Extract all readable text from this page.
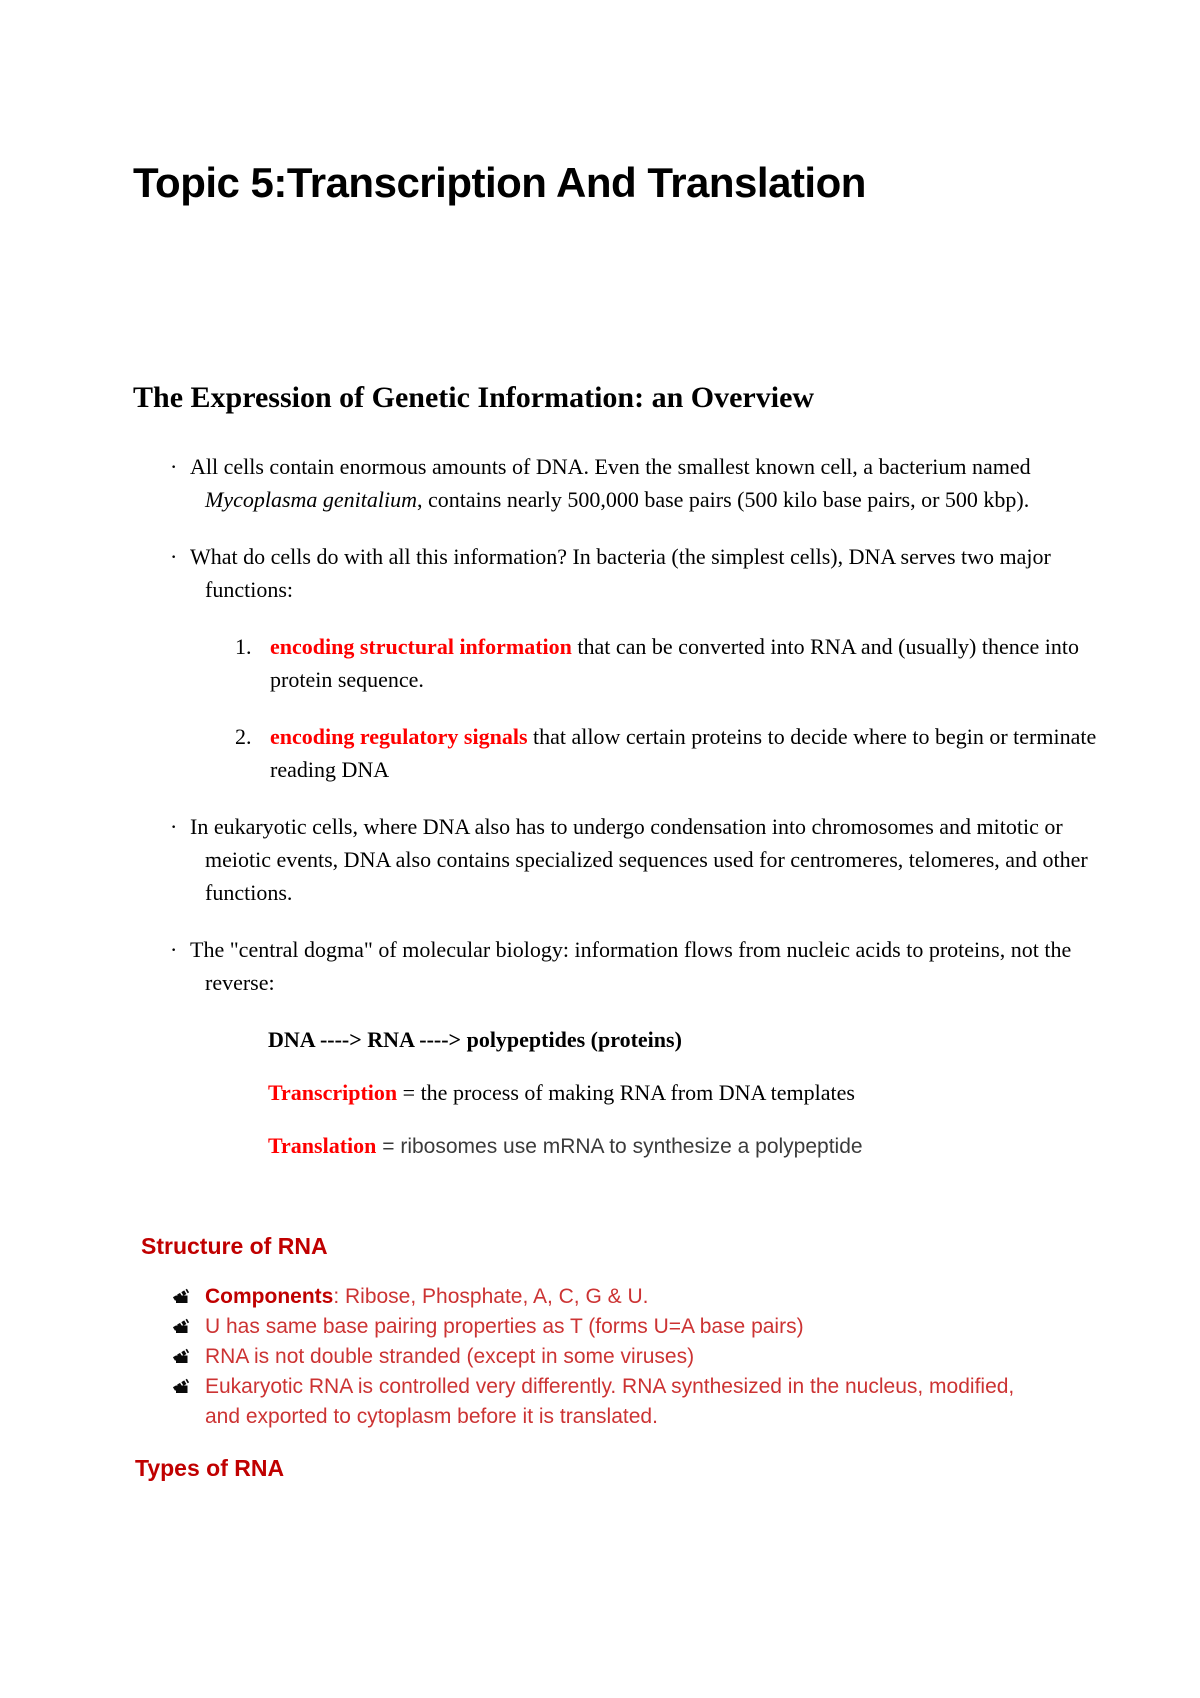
Topic 5:Transcription And Translation
The Expression of Genetic Information: an Overview

· All cells contain enormous amounts of DNA. Even the smallest known cell, a bacterium named Mycoplasma genitalium, contains nearly 500,000 base pairs (500 kilo base pairs, or 500 kbp).

· What do cells do with all this information? In bacteria (the simplest cells), DNA serves two major functions:

1. encoding structural information that can be converted into RNA and (usually) thence into protein sequence.

2. encoding regulatory signals that allow certain proteins to decide where to begin or terminate reading DNA

· In eukaryotic cells, where DNA also has to undergo condensation into chromosomes and mitotic or meiotic events, DNA also contains specialized sequences used for centromeres, telomeres, and other functions.

· The "central dogma" of molecular biology: information flows from nucleic acids to proteins, not the reverse:

DNA ----> RNA ----> polypeptides (proteins)

Transcription = the process of making RNA from DNA templates

Translation = ribosomes use mRNA to synthesize a polypeptide

Structure of RNA
Components: Ribose, Phosphate, A, C, G & U.
U has same base pairing properties as T (forms U=A base pairs)
RNA is not double stranded (except in some viruses)
Eukaryotic RNA is controlled very differently. RNA synthesized in the nucleus, modified, and exported to cytoplasm before it is translated.
Types of RNA
